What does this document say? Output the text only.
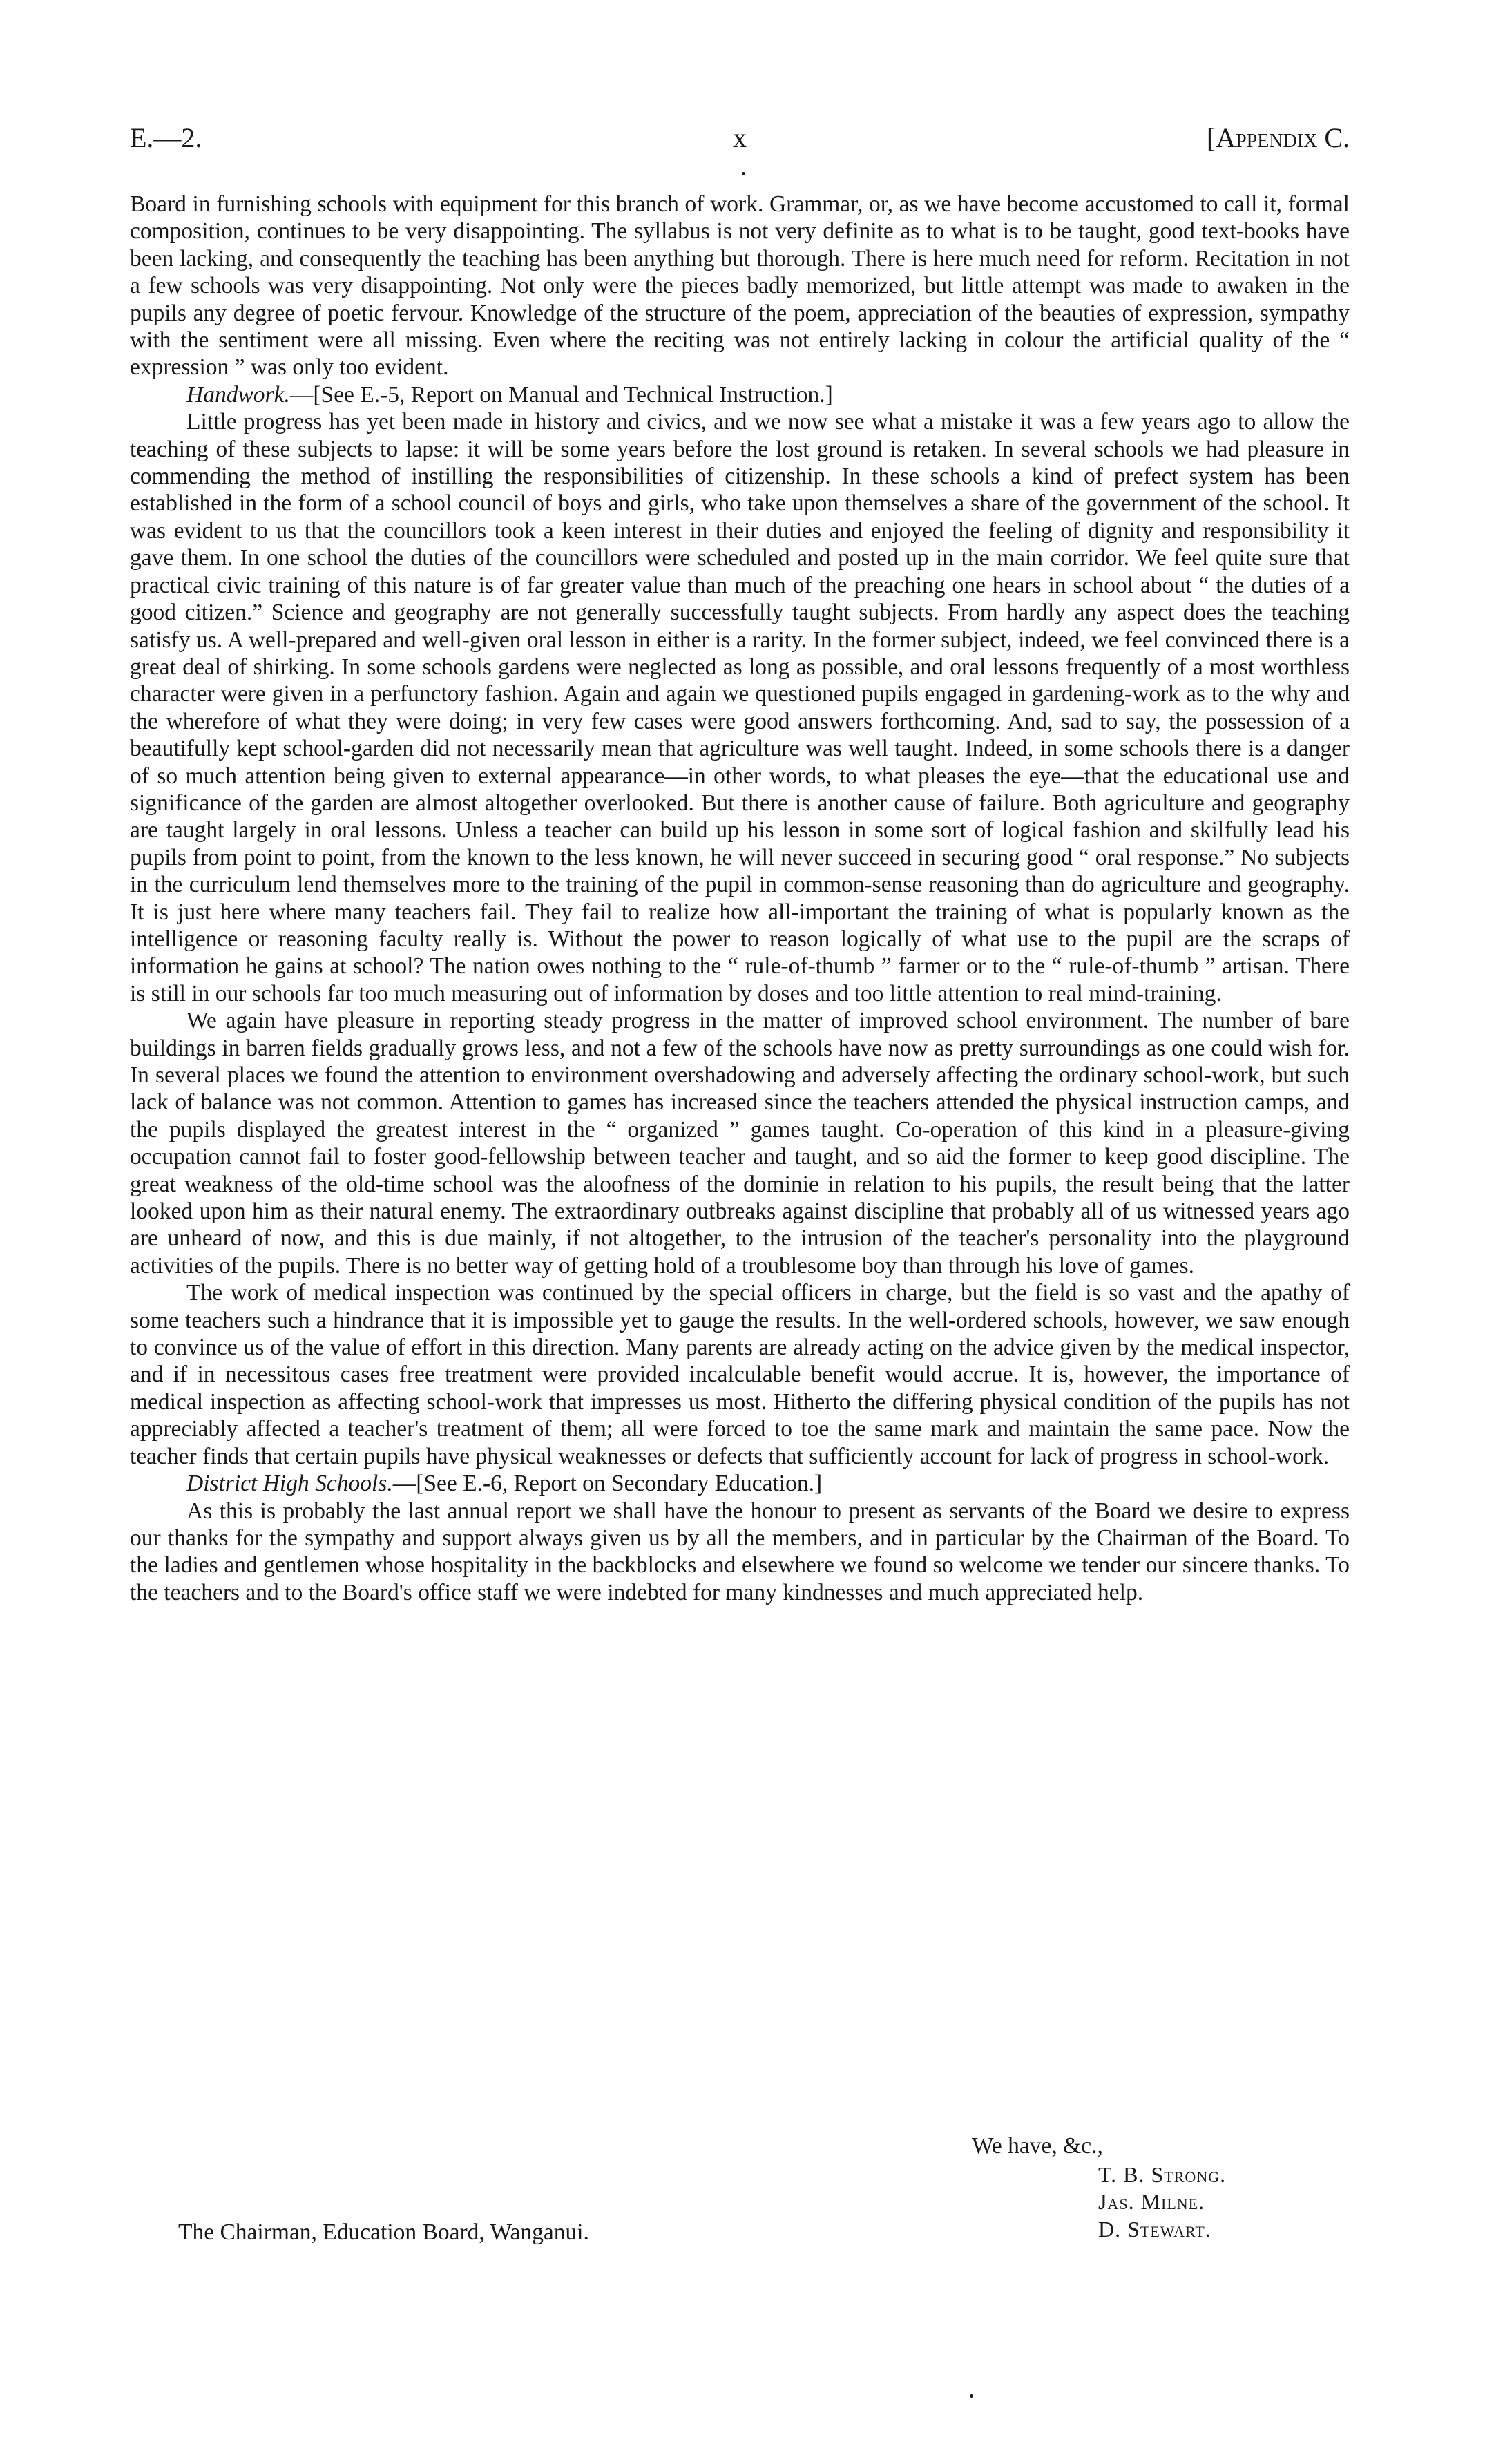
E.—2.	x	[Appendix C.

Board in furnishing schools with equipment for this branch of work. Grammar, or, as we have become accustomed to call it, formal composition, continues to be very disappointing. The syllabus is not very definite as to what is to be taught, good text-books have been lacking, and consequently the teaching has been anything but thorough. There is here much need for reform. Recitation in not a few schools was very disappointing. Not only were the pieces badly memorized, but little attempt was made to awaken in the pupils any degree of poetic fervour. Knowledge of the structure of the poem, appreciation of the beauties of expression, sympathy with the sentiment were all missing. Even where the reciting was not entirely lacking in colour the artificial quality of the “ expression ” was only too evident.

Handwork.—[See E.-5, Report on Manual and Technical Instruction.]

Little progress has yet been made in history and civics, and we now see what a mistake it was a few years ago to allow the teaching of these subjects to lapse: it will be some years before the lost ground is retaken. In several schools we had pleasure in commending the method of instilling the responsibilities of citizenship. In these schools a kind of prefect system has been established in the form of a school council of boys and girls, who take upon themselves a share of the government of the school. It was evident to us that the councillors took a keen interest in their duties and enjoyed the feeling of dignity and responsibility it gave them. In one school the duties of the councillors were scheduled and posted up in the main corridor. We feel quite sure that practical civic training of this nature is of far greater value than much of the preaching one hears in school about “ the duties of a good citizen.” Science and geography are not generally successfully taught subjects. From hardly any aspect does the teaching satisfy us. A well-prepared and well-given oral lesson in either is a rarity. In the former subject, indeed, we feel convinced there is a great deal of shirking. In some schools gardens were neglected as long as possible, and oral lessons frequently of a most worthless character were given in a perfunctory fashion. Again and again we questioned pupils engaged in gardening-work as to the why and the wherefore of what they were doing; in very few cases were good answers forthcoming. And, sad to say, the possession of a beautifully kept school-garden did not necessarily mean that agriculture was well taught. Indeed, in some schools there is a danger of so much attention being given to external appearance—in other words, to what pleases the eye—that the educational use and significance of the garden are almost altogether overlooked. But there is another cause of failure. Both agriculture and geography are taught largely in oral lessons. Unless a teacher can build up his lesson in some sort of logical fashion and skilfully lead his pupils from point to point, from the known to the less known, he will never succeed in securing good “ oral response.” No subjects in the curriculum lend themselves more to the training of the pupil in common-sense reasoning than do agriculture and geography. It is just here where many teachers fail. They fail to realize how all-important the training of what is popularly known as the intelligence or reasoning faculty really is. Without the power to reason logically of what use to the pupil are the scraps of information he gains at school? The nation owes nothing to the “ rule-of-thumb ” farmer or to the “ rule-of-thumb ” artisan. There is still in our schools far too much measuring out of information by doses and too little attention to real mind-training.

We again have pleasure in reporting steady progress in the matter of improved school environment. The number of bare buildings in barren fields gradually grows less, and not a few of the schools have now as pretty surroundings as one could wish for. In several places we found the attention to environment overshadowing and adversely affecting the ordinary school-work, but such lack of balance was not common. Attention to games has increased since the teachers attended the physical instruction camps, and the pupils displayed the greatest interest in the “ organized ” games taught. Co-operation of this kind in a pleasure-giving occupation cannot fail to foster good-fellowship between teacher and taught, and so aid the former to keep good discipline. The great weakness of the old-time school was the aloofness of the dominie in relation to his pupils, the result being that the latter looked upon him as their natural enemy. The extraordinary outbreaks against discipline that probably all of us witnessed years ago are unheard of now, and this is due mainly, if not altogether, to the intrusion of the teacher's personality into the playground activities of the pupils. There is no better way of getting hold of a troublesome boy than through his love of games.

The work of medical inspection was continued by the special officers in charge, but the field is so vast and the apathy of some teachers such a hindrance that it is impossible yet to gauge the results. In the well-ordered schools, however, we saw enough to convince us of the value of effort in this direction. Many parents are already acting on the advice given by the medical inspector, and if in necessitous cases free treatment were provided incalculable benefit would accrue. It is, however, the importance of medical inspection as affecting school-work that impresses us most. Hitherto the differing physical condition of the pupils has not appreciably affected a teacher's treatment of them; all were forced to toe the same mark and maintain the same pace. Now the teacher finds that certain pupils have physical weaknesses or defects that sufficiently account for lack of progress in school-work.

District High Schools.—[See E.-6, Report on Secondary Education.]

As this is probably the last annual report we shall have the honour to present as servants of the Board we desire to express our thanks for the sympathy and support always given us by all the members, and in particular by the Chairman of the Board. To the ladies and gentlemen whose hospitality in the backblocks and elsewhere we found so welcome we tender our sincere thanks. To the teachers and to the Board's office staff we were indebted for many kindnesses and much appreciated help.

We have, &c.,
T. B. Strong.
Jas. Milne.
D. Stewart.
The Chairman, Education Board, Wanganui.
